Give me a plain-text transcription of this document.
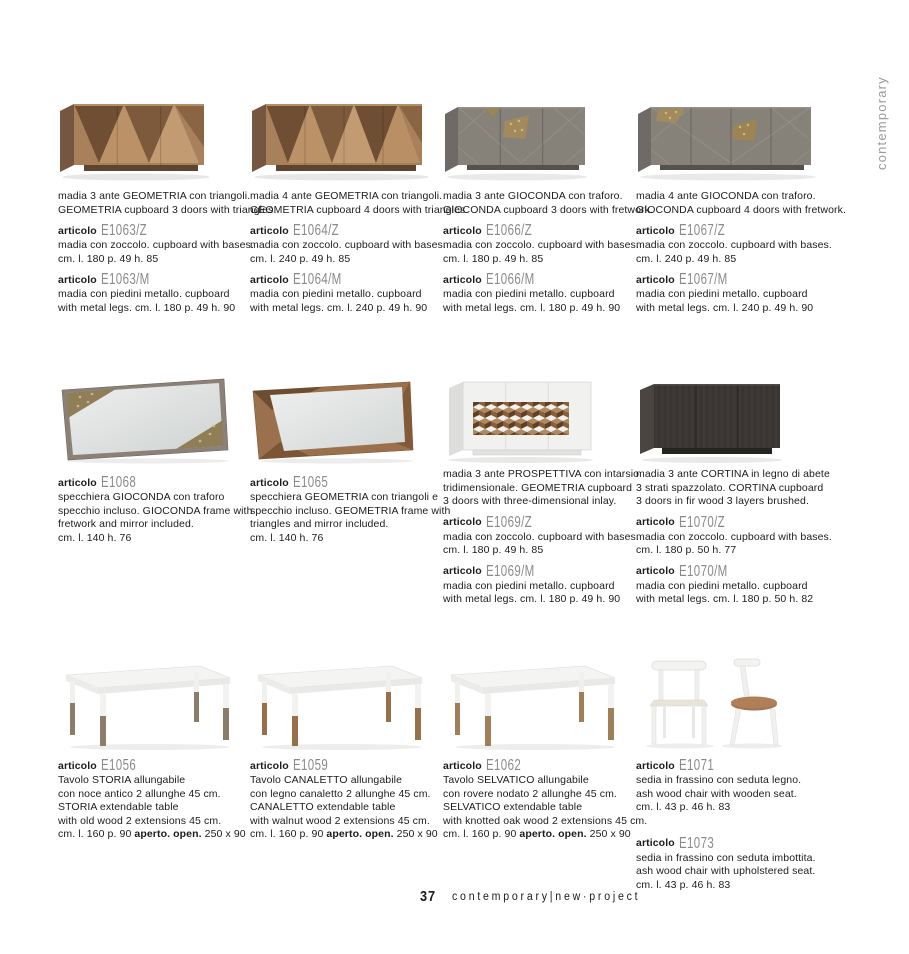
madia 3 ante GEOMETRIA con triangoli.
GEOMETRIA cupboard 3 doors with triangles.
articolo E1063/Z
madia con zoccolo. cupboard with bases.
cm. l. 180 p. 49 h. 85
articolo E1063/M
madia con piedini metallo. cupboard
with metal legs. cm. l. 180 p. 49 h. 90
madia 4 ante GEOMETRIA con triangoli.
GEOMETRIA cupboard 4 doors with triangles.
articolo E1064/Z
madia con zoccolo. cupboard with bases.
cm. l. 240 p. 49 h. 85
articolo E1064/M
madia con piedini metallo. cupboard
with metal legs. cm. l. 240 p. 49 h. 90
madia 3 ante GIOCONDA con traforo.
GIOCONDA cupboard 3 doors with fretwork.
articolo E1066/Z
madia con zoccolo. cupboard with bases.
cm. l. 180 p. 49 h. 85
articolo E1066/M
madia con piedini metallo. cupboard
with metal legs. cm. l. 180 p. 49 h. 90
madia 4 ante GIOCONDA con traforo.
GIOCONDA cupboard 4 doors with fretwork.
articolo E1067/Z
madia con zoccolo. cupboard with bases.
cm. l. 240 p. 49 h. 85
articolo E1067/M
madia con piedini metallo. cupboard
with metal legs. cm. l. 240 p. 49 h. 90
articolo E1068
specchiera GIOCONDA con traforo
specchio incluso. GIOCONDA frame with
fretwork and mirror included.
cm. l. 140 h. 76
articolo E1065
specchiera GEOMETRIA con triangoli e
specchio incluso. GEOMETRIA frame with
triangles and mirror included.
cm. l. 140 h. 76
madia 3 ante PROSPETTIVA con intarsio
tridimensionale. GEOMETRIA cupboard
3 doors with three-dimensional inlay.
articolo E1069/Z
madia con zoccolo. cupboard with bases.
cm. l. 180 p. 49 h. 85
articolo E1069/M
madia con piedini metallo. cupboard
with metal legs. cm. l. 180 p. 49 h. 90
madia 3 ante CORTINA in legno di abete
3 strati spazzolato. CORTINA cupboard
3 doors in fir wood 3 layers brushed.
articolo E1070/Z
madia con zoccolo. cupboard with bases.
cm. l. 180 p. 50 h. 77
articolo E1070/M
madia con piedini metallo. cupboard
with metal legs. cm. l. 180 p. 50 h. 82
articolo E1056
Tavolo STORIA allungabile
con noce antico 2 allunghe 45 cm.
STORIA extendable table
with old wood 2 extensions 45 cm.
cm. l. 160 p. 90 aperto. open. 250 x 90
articolo E1059
Tavolo CANALETTO allungabile
con legno canaletto 2 allunghe 45 cm.
CANALETTO extendable table
with walnut wood 2 extensions 45 cm.
cm. l. 160 p. 90 aperto. open. 250 x 90
articolo E1062
Tavolo SELVATICO allungabile
con rovere nodato 2 allunghe 45 cm.
SELVATICO extendable table
with knotted oak wood 2 extensions 45 cm.
cm. l. 160 p. 90 aperto. open. 250 x 90
articolo E1071
sedia in frassino con seduta legno.
ash wood chair with wooden seat.
cm. l. 43 p. 46 h. 83
articolo E1073
sedia in frassino con seduta imbottita.
ash wood chair with upholstered seat.
cm. l. 43 p. 46 h. 83
contemporary
37 contemporary|new·project
